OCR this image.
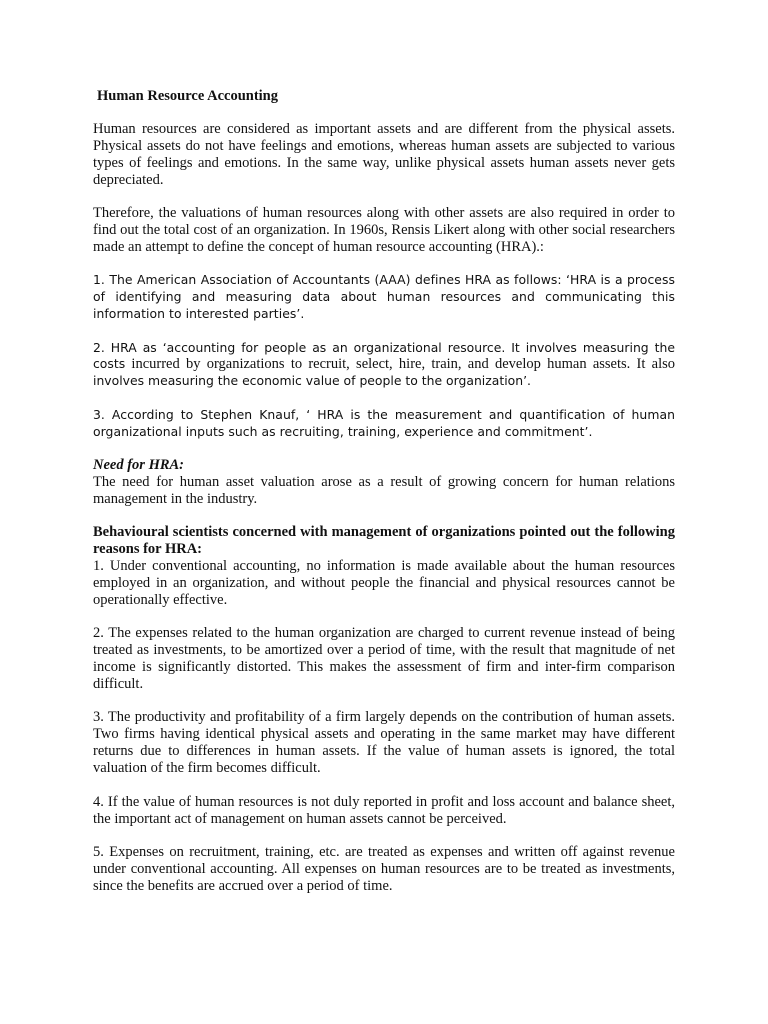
Human Resource Accounting

Human resources are considered as important assets and are different from the physical assets. Physical assets do not have feelings and emotions, whereas human assets are subjected to various types of feelings and emotions. In the same way, unlike physical assets human assets never gets depreciated.

Therefore, the valuations of human resources along with other assets are also required in order to find out the total cost of an organization. In 1960s, Rensis Likert along with other social researchers made an attempt to define the concept of human resource accounting (HRA).:

1. The American Association of Accountants (AAA) defines HRA as follows: ‘HRA is a process of identifying and measuring data about human resources and communicating this information to interested parties’.

2. HRA as ‘accounting for people as an organizational resource. It involves measuring the costs incurred by organizations to recruit, select, hire, train, and develop human assets. It also involves measuring the economic value of people to the organization’.

3. According to Stephen Knauf, ‘ HRA is the measurement and quantification of human organizational inputs such as recruiting, training, experience and commitment’.

Need for HRA:

The need for human asset valuation arose as a result of growing concern for human relations management in the industry.

Behavioural scientists concerned with management of organizations pointed out the following reasons for HRA:

1. Under conventional accounting, no information is made available about the human resources employed in an organization, and without people the financial and physical resources cannot be operationally effective.

2. The expenses related to the human organization are charged to current revenue instead of being treated as investments, to be amortized over a period of time, with the result that magnitude of net income is significantly distorted. This makes the assessment of firm and inter-firm comparison difficult.

3. The productivity and profitability of a firm largely depends on the contribution of human assets. Two firms having identical physical assets and operating in the same market may have different returns due to differences in human assets. If the value of human assets is ignored, the total valuation of the firm becomes difficult.

4. If the value of human resources is not duly reported in profit and loss account and balance sheet, the important act of management on human assets cannot be perceived.

5. Expenses on recruitment, training, etc. are treated as expenses and written off against revenue under conventional accounting. All expenses on human resources are to be treated as investments, since the benefits are accrued over a period of time.
